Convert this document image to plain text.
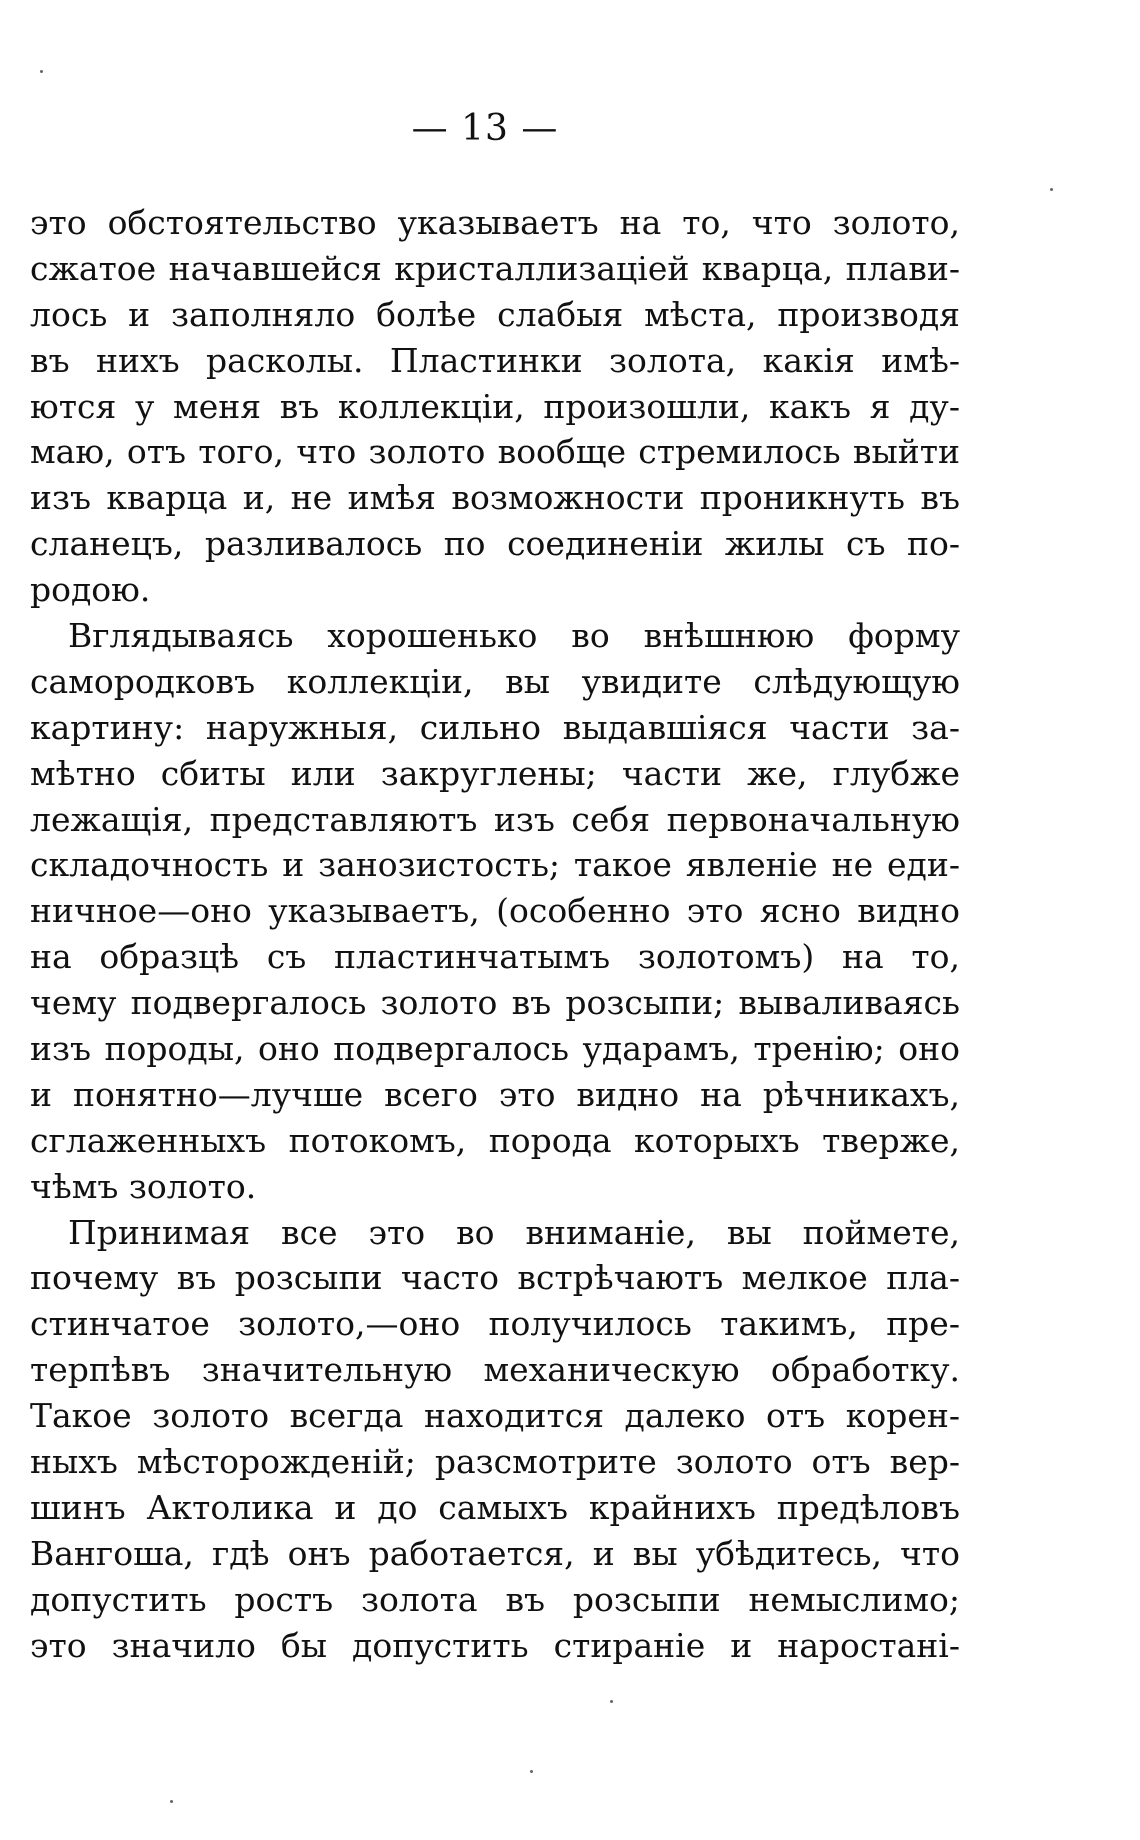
— 13 —
это обстоятельство указываетъ на то, что золото,
сжатое начавшейся кристаллизацiей кварца, плави-
лось и заполняло болѣе слабыя мѣста, производя
въ нихъ расколы. Пластинки золота, какiя имѣ-
ются у меня въ коллекцiи, произошли, какъ я ду-
маю, отъ того, что золото вообще стремилось выйти
изъ кварца и, не имѣя возможности проникнуть въ
сланецъ, разливалось по соединенiи жилы съ по-
родою.
Вглядываясь хорошенько во внѣшнюю форму
самородковъ коллекцiи, вы увидите слѣдующую
картину: наружныя, сильно выдавшiяся части за-
мѣтно сбиты или закруглены; части же, глубже
лежащiя, представляютъ изъ себя первоначальную
складочность и занозистость; такое явленiе не еди-
ничное—оно указываетъ, (особенно это ясно видно
на образцѣ съ пластинчатымъ золотомъ) на то,
чему подвергалось золото въ розсыпи; вываливаясь
изъ породы, оно подвергалось ударамъ, тренiю; оно
и понятно—лучше всего это видно на рѣчникахъ,
сглаженныхъ потокомъ, порода которыхъ тверже,
чѣмъ золото.
Принимая все это во вниманiе, вы поймете,
почему въ розсыпи часто встрѣчаютъ мелкое пла-
стинчатое золото,—оно получилось такимъ, пре-
терпѣвъ значительную механическую обработку.
Такое золото всегда находится далеко отъ корен-
ныхъ мѣсторожденiй; разсмотрите золото отъ вер-
шинъ Актолика и до самыхъ крайнихъ предѣловъ
Вангоша, гдѣ онъ работается, и вы убѣдитесь, что
допустить ростъ золота въ розсыпи немыслимо;
это значило бы допустить стиранiе и наростанi-
